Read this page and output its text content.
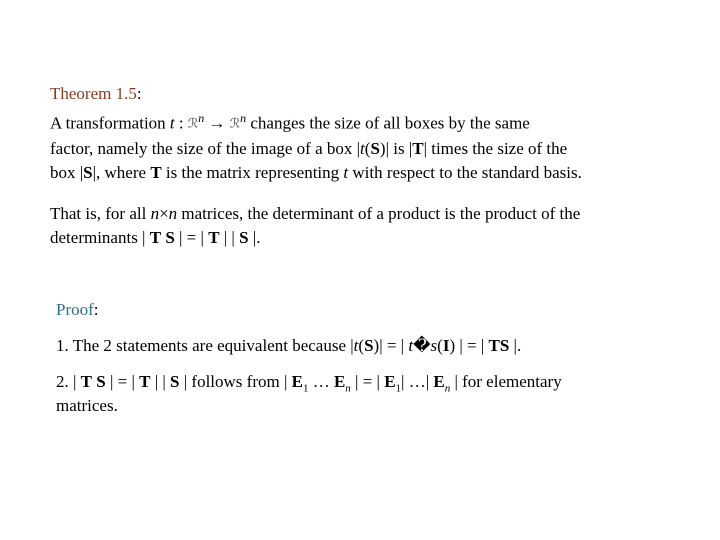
Theorem 1.5:
A transformation t : ℛ$^n$ → ℛ$^n$ changes the size of all boxes by the same
factor, namely the size of the image of a box |t(S)| is |T| times the size of the
box |S|, where T is the matrix representing t with respect to the standard basis.
That is, for all n×n matrices, the determinant of a product is the product of the
determinants | T S | = | T | | S |.
Proof:
1. The 2 statements are equivalent because |t(S)| = | t�s(I) | = | TS |.
2. | T S | = | T | | S | follows from | $E_1$ … $E_n$ | = | $E_1|$ …| $E_n$ | for elementary
matrices.
